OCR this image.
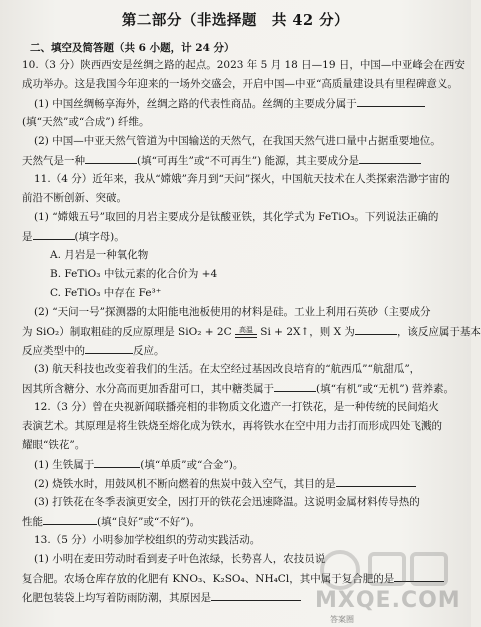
第二部分（非选择题　共 42 分）
二、填空及简答题（共 6 小题，计 24 分）
10.（3 分）陕西西安是丝绸之路的起点。2023 年 5 月 18 日—19 日，中国—中亚峰会在西安
成功举办。这是我国今年迎来的一场外交盛会，开启中国—中亚“高质量建设具有里程碑意义。
(1) 中国丝绸畅享海外，丝绸之路的代表性商品。丝绸的主要成分属于
(填“天然”或“合成”) 纤维。
(2) 中国—中亚天然气管道为中国输送的天然气，在我国天然气进口量中占据重要地位。
天然气是一种	(填“可再生”或“不可再生”) 能源，其主要成分是
11.（4 分）近年来，我从“嫦娥”奔月到“天问”探火，中国航天技术在人类探索浩渺宇宙的
前沿不断创新、突破。
(1) “嫦娥五号”取回的月岩主要成分是钛酸亚铁，其化学式为 FeTiO₃。下列说法正确的
是	(填字母)。
A. 月岩是一种氧化物
B. FeTiO₃ 中钛元素的化合价为 +4
C. FeTiO₃ 中存在 Fe³⁺
(2) “天问一号”探测器的太阳能电池板使用的材料是硅。工业上利用石英砂（主要成分
为 SiO₂）制取粗硅的反应原理是 SiO₂ + 2C	高温 Si + 2X↑，则 X 为	，该反应属于基本
反应类型中的	反应。
(3) 航天科技也改变着我们的生活。在太空经过基因改良培育的“航西瓜”“航甜瓜”，
因其所含糖分、水分高而更加香甜可口，其中糖类属于	(填“有机”或“无机”) 营养素。
12.（3 分）曾在央视新闻联播亮相的非物质文化遗产一打铁花，是一种传统的民间焰火
表演艺术。其原理是将生铁烧至熔化成为铁水，再将铁水在空中用力击打而形成四处飞溅的
耀眼“铁花”。
(1) 生铁属于	(填“单质”或“合金”)。
(2) 烧铁水时，用鼓风机不断向燃着的焦炭中鼓入空气，其目的是
(3) 打铁花在冬季表演更安全，因打开的铁花会迅速降温。这说明金属材料传导热的
性能	(填“良好”或“不好”)。
13.（5 分）小明参加学校组织的劳动实践活动。
(1) 小明在麦田劳动时看到麦子叶色浓绿，长势喜人，农技员说
复合肥。农场仓库存放的化肥有 KNO₃、K₂SO₄、NH₄Cl，其中属于复合肥的是
化肥包装袋上均写着防雨防潮，其原因是	MXQE.COM
答案圈
